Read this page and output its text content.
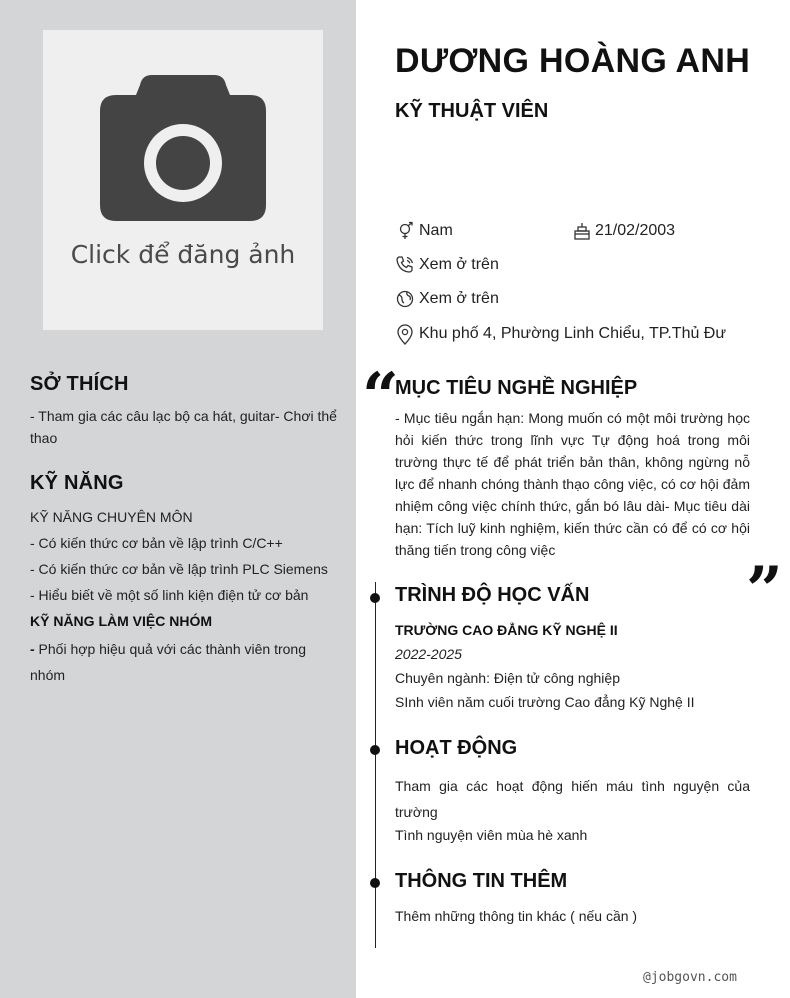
Click để đăng ảnh
SỞ THÍCH
- Tham gia các câu lạc bộ ca hát, guitar- Chơi thể thao
KỸ NĂNG
KỸ NĂNG CHUYÊN MÔN
- Có kiến thức cơ bản về lập trình C/C++
- Có kiến thức cơ bản về lập trình PLC Siemens
- Hiểu biết về một số linh kiện điện tử cơ bản
KỸ NĂNG LÀM VIỆC NHÓM
- Phối hợp hiệu quả với các thành viên trong nhóm
DƯƠNG HOÀNG ANH
KỸ THUẬT VIÊN
Nam	21/02/2003
Xem ở trên
Xem ở trên
Khu phố 4, Phường Linh Chiểu, TP.Thủ Đư
“
MỤC TIÊU NGHỀ NGHIỆP
- Mục tiêu ngắn hạn: Mong muốn có một môi trường học hỏi kiến thức trong lĩnh vực Tự động hoá trong môi trường thực tế để phát triển bản thân, không ngừng nỗ lực để nhanh chóng thành thạo công việc, có cơ hội đảm nhiệm công việc chính thức, gắn bó lâu dài- Mục tiêu dài hạn: Tích luỹ kinh nghiệm, kiến thức cần có để có cơ hội thăng tiến trong công việc
”
TRÌNH ĐỘ HỌC VẤN
TRƯỜNG CAO ĐẲNG KỸ NGHỆ II
2022-2025
Chuyên ngành: Điện tử công nghiệp
SInh viên năm cuối trường Cao đẳng Kỹ Nghệ II
HOẠT ĐỘNG
Tham gia các hoạt động hiến máu tình nguyện của trường
Tình nguyện viên mùa hè xanh
THÔNG TIN THÊM
Thêm những thông tin khác ( nếu cần )
@jobgovn.com
